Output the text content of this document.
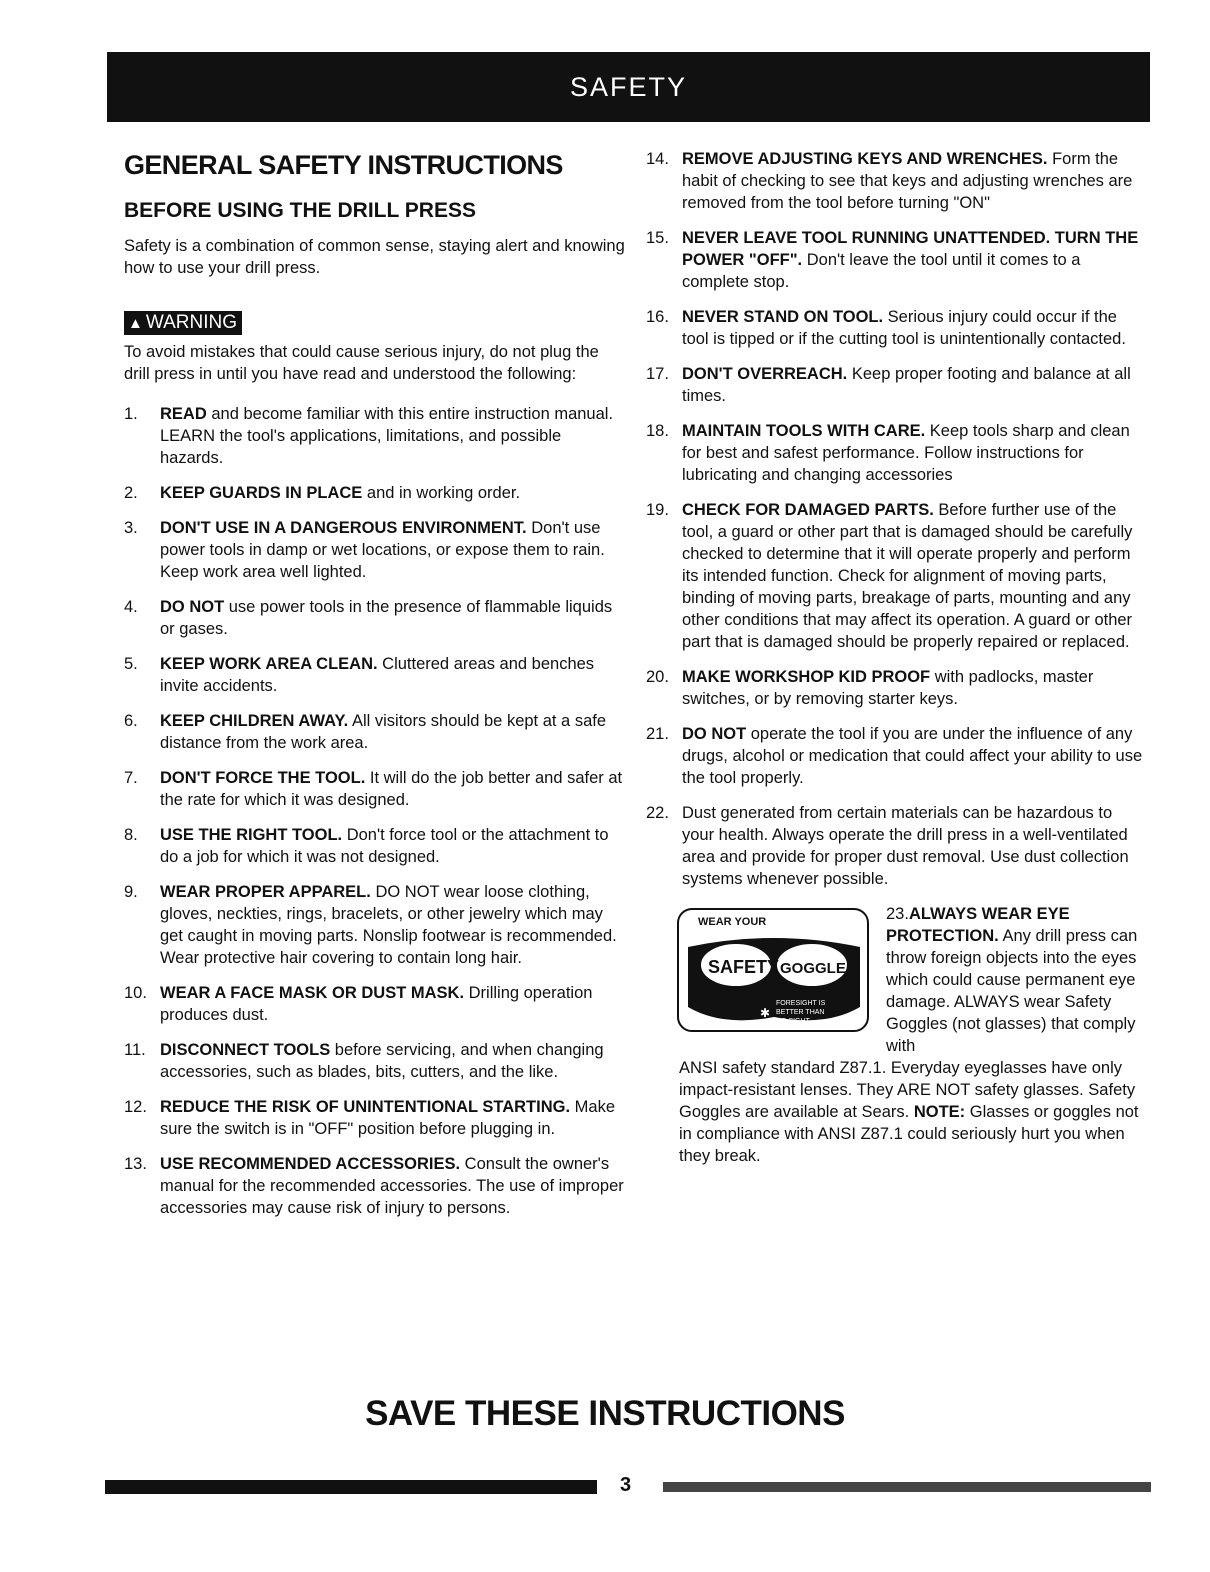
SAFETY
GENERAL SAFETY INSTRUCTIONS
BEFORE USING THE DRILL PRESS

Safety is a combination of common sense, staying alert and knowing how to use your drill press.

▲ WARNING

To avoid mistakes that could cause serious injury, do not plug the drill press in until you have read and understood the following:

1.	READ and become familiar with this entire instruction manual. LEARN the tool's applications, limitations, and possible hazards.
2.	KEEP GUARDS IN PLACE and in working order.
3.	DON'T USE IN A DANGEROUS ENVIRONMENT. Don't use power tools in damp or wet locations, or expose them to rain. Keep work area well lighted.
4.	DO NOT use power tools in the presence of flammable liquids or gases.
5.	KEEP WORK AREA CLEAN. Cluttered areas and benches invite accidents.
6.	KEEP CHILDREN AWAY. All visitors should be kept at a safe distance from the work area.
7.	DON'T FORCE THE TOOL. It will do the job better and safer at the rate for which it was designed.
8.	USE THE RIGHT TOOL. Don't force tool or the attachment to do a job for which it was not designed.
9.	WEAR PROPER APPAREL. DO NOT wear loose clothing, gloves, neckties, rings, bracelets, or other jewelry which may get caught in moving parts. Nonslip footwear is recommended. Wear protective hair covering to contain long hair.
10. WEAR A FACE MASK OR DUST MASK. Drilling operation produces dust.
11. DISCONNECT TOOLS before servicing, and when changing accessories, such as blades, bits, cutters, and the like.
12. REDUCE THE RISK OF UNINTENTIONAL STARTING. Make sure the switch is in "OFF" position before plugging in.
13. USE RECOMMENDED ACCESSORIES. Consult the owner's manual for the recommended accessories. The use of improper accessories may cause risk of injury to persons.
14. REMOVE ADJUSTING KEYS AND WRENCHES. Form the habit of checking to see that keys and adjusting wrenches are removed from the tool before turning "ON"
15. NEVER LEAVE TOOL RUNNING UNATTENDED. TURN THE POWER "OFF". Don't leave the tool until it comes to a complete stop.
16. NEVER STAND ON TOOL. Serious injury could occur if the tool is tipped or if the cutting tool is unintentionally contacted.
17. DON'T OVERREACH. Keep proper footing and balance at all times.
18. MAINTAIN TOOLS WITH CARE. Keep tools sharp and clean for best and safest performance. Follow instructions for lubricating and changing accessories
19. CHECK FOR DAMAGED PARTS. Before further use of the tool, a guard or other part that is damaged should be carefully checked to determine that it will operate properly and perform its intended function. Check for alignment of moving parts, binding of moving parts, breakage of parts, mounting and any other conditions that may affect its operation. A guard or other part that is damaged should be properly repaired or replaced.
20. MAKE WORKSHOP KID PROOF with padlocks, master switches, or by removing starter keys.
21. DO NOT operate the tool if you are under the influence of any drugs, alcohol or medication that could affect your ability to use the tool properly.
22. Dust generated from certain materials can be hazardous to your health. Always operate the drill press in a well-ventilated area and provide for proper dust removal. Use dust collection systems whenever possible.
WEAR YOUR
SAFETY GOGGLES
FORESIGHT IS
BETTER THAN
NO SIGHT
✱
23.ALWAYS WEAR EYE PROTECTION. Any drill press can throw foreign objects into the eyes which could cause permanent eye damage. ALWAYS wear Safety Goggles (not glasses) that comply with
ANSI safety standard Z87.1. Everyday eyeglasses have only impact-resistant lenses. They ARE NOT safety glasses. Safety Goggles are available at Sears. NOTE: Glasses or goggles not in compliance with ANSI Z87.1 could seriously hurt you when they break.
SAVE THESE INSTRUCTIONS
3
